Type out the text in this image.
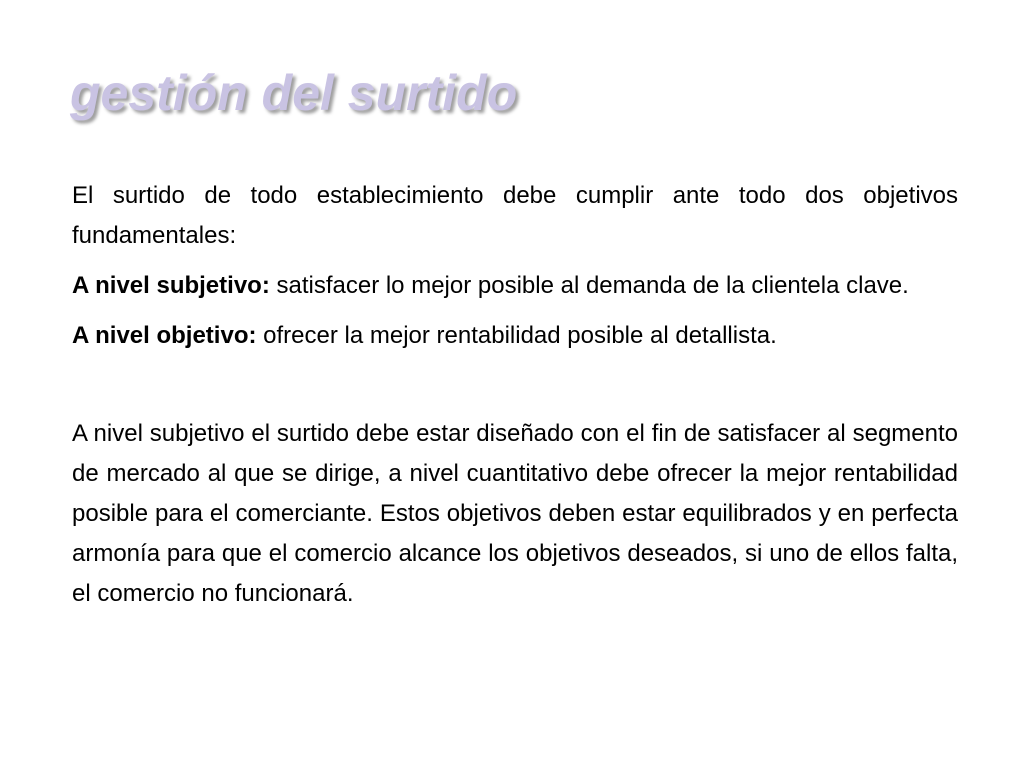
gestión del surtido

El surtido de todo establecimiento debe cumplir ante todo dos objetivos fundamentales:

A nivel subjetivo: satisfacer lo mejor posible al demanda de la clientela clave.

A nivel objetivo: ofrecer la mejor rentabilidad posible al detallista.

A nivel subjetivo el surtido debe estar diseñado con el fin de satisfacer al segmento de mercado al que se dirige, a nivel cuantitativo debe ofrecer la mejor rentabilidad posible para el comerciante. Estos objetivos deben estar equilibrados y en perfecta armonía para que el comercio alcance los objetivos deseados, si uno de ellos falta, el comercio no funcionará.
